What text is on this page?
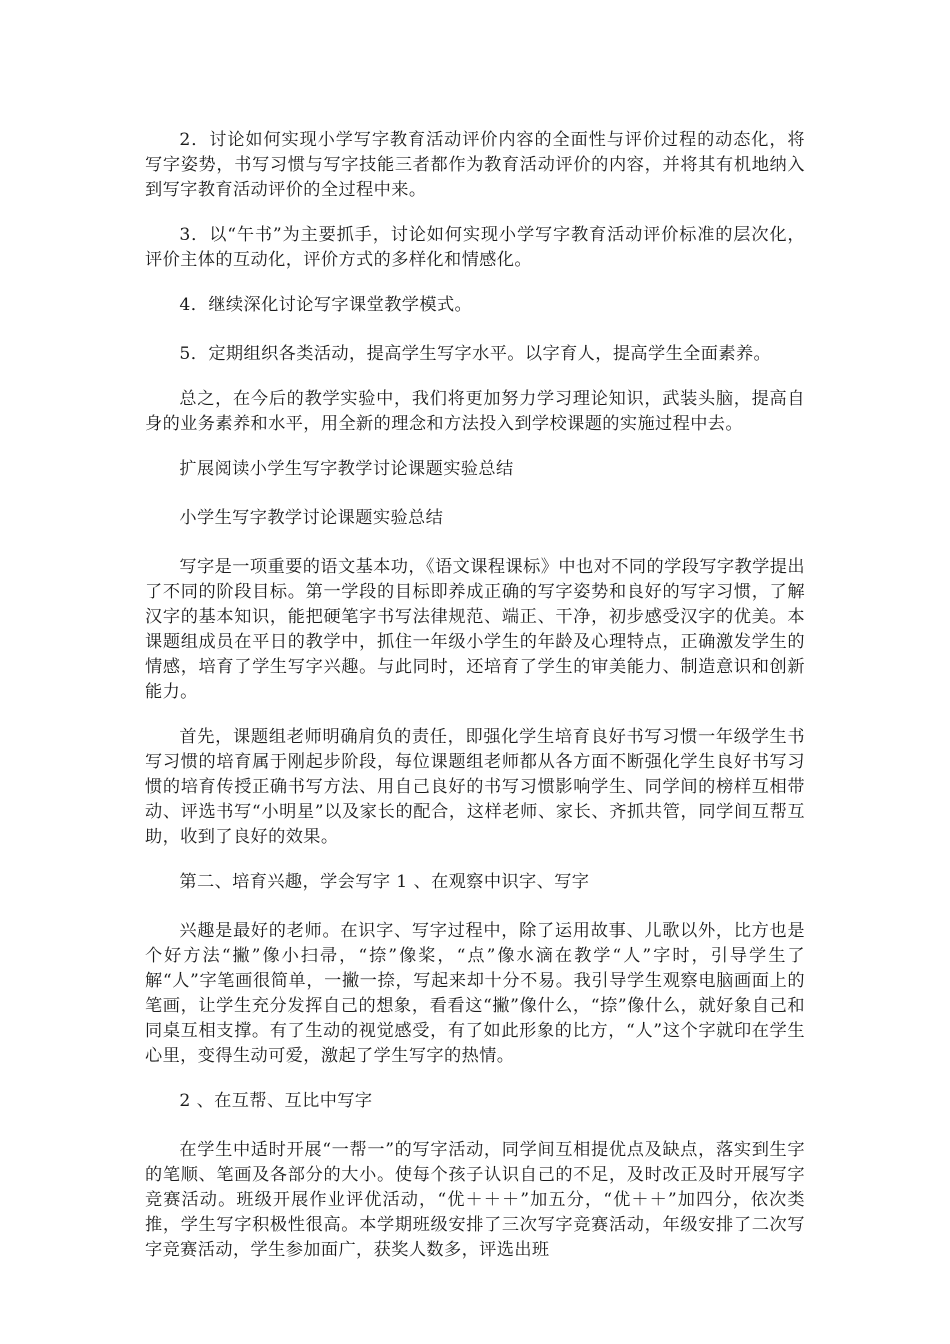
2．讨论如何实现小学写字教育活动评价内容的全面性与评价过程的动态化，将写字姿势，书写习惯与写字技能三者都作为教育活动评价的内容，并将其有机地纳入到写字教育活动评价的全过程中来。

3．以“午书”为主要抓手，讨论如何实现小学写字教育活动评价标准的层次化，评价主体的互动化，评价方式的多样化和情感化。

4．继续深化讨论写字课堂教学模式。

5．定期组织各类活动，提高学生写字水平。以字育人，提高学生全面素养。

总之，在今后的教学实验中，我们将更加努力学习理论知识，武装头脑，提高自身的业务素养和水平，用全新的理念和方法投入到学校课题的实施过程中去。

扩展阅读小学生写字教学讨论课题实验总结

小学生写字教学讨论课题实验总结

写字是一项重要的语文基本功，《语文课程课标》中也对不同的学段写字教学提出了不同的阶段目标。第一学段的目标即养成正确的写字姿势和良好的写字习惯，了解汉字的基本知识，能把硬笔字书写法律规范、端正、干净，初步感受汉字的优美。本课题组成员在平日的教学中，抓住一年级小学生的年龄及心理特点，正确激发学生的情感，培育了学生写字兴趣。与此同时，还培育了学生的审美能力、制造意识和创新能力。

首先，课题组老师明确肩负的责任，即强化学生培育良好书写习惯一年级学生书写习惯的培育属于刚起步阶段，每位课题组老师都从各方面不断强化学生良好书写习惯的培育传授正确书写方法、用自己良好的书写习惯影响学生、同学间的榜样互相带动、评选书写“小明星”以及家长的配合，这样老师、家长、齐抓共管，同学间互帮互助，收到了良好的效果。

第二、培育兴趣，学会写字 1 、在观察中识字、写字

兴趣是最好的老师。在识字、写字过程中，除了运用故事、儿歌以外，比方也是个好方法“撇”像小扫帚，“捺”像桨，“点”像水滴在教学“人”字时，引导学生了解“人”字笔画很简单，一撇一捺，写起来却十分不易。我引导学生观察电脑画面上的笔画，让学生充分发挥自己的想象，看看这“撇”像什么，“捺”像什么，就好象自己和同桌互相支撑。有了生动的视觉感受，有了如此形象的比方，“人”这个字就印在学生心里，变得生动可爱，激起了学生写字的热情。

2 、在互帮、互比中写字

在学生中适时开展“一帮一”的写字活动，同学间互相提优点及缺点，落实到生字的笔顺、笔画及各部分的大小。使每个孩子认识自己的不足，及时改正及时开展写字竞赛活动。班级开展作业评优活动，“优＋＋＋”加五分，“优＋＋”加四分，依次类推，学生写字积极性很高。本学期班级安排了三次写字竞赛活动，年级安排了二次写字竞赛活动，学生参加面广，获奖人数多，评选出班
